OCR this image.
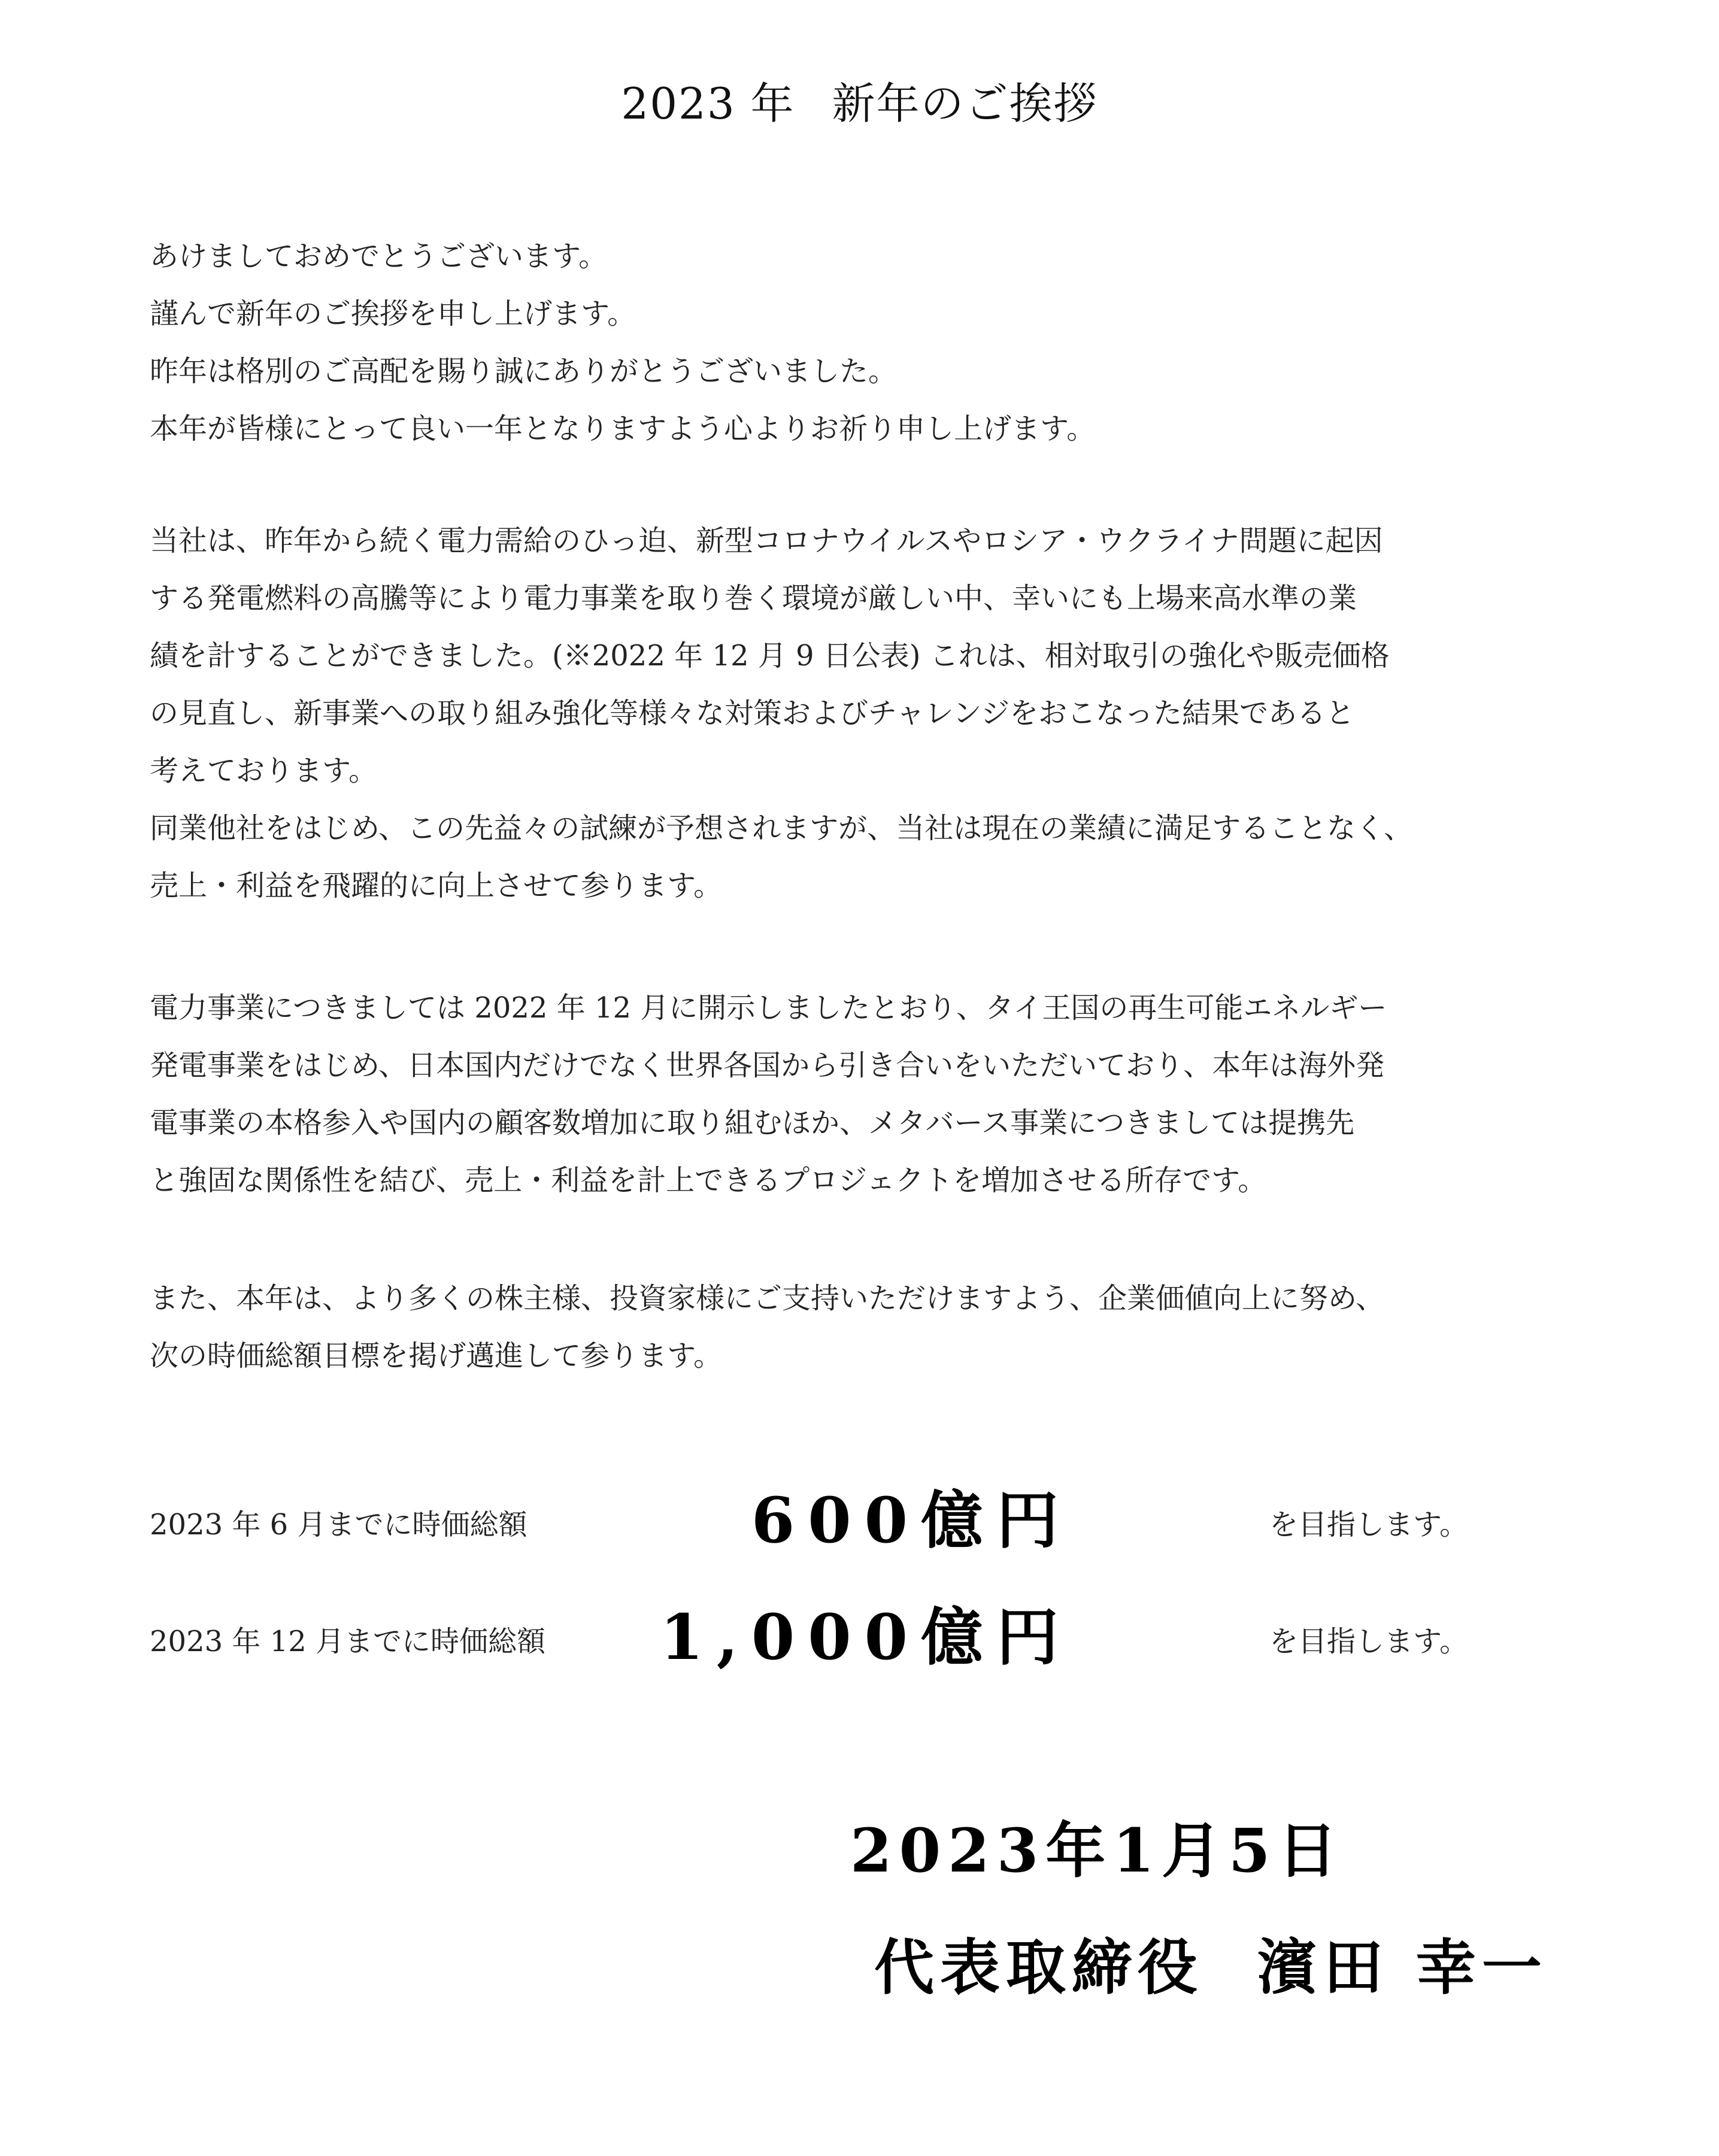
2023 年 新年のご挨拶
あけましておめでとうございます。
謹んで新年のご挨拶を申し上げます。
昨年は格別のご高配を賜り誠にありがとうございました。
本年が皆様にとって良い一年となりますよう心よりお祈り申し上げます。
当社は、昨年から続く電力需給のひっ迫、新型コロナウイルスやロシア・ウクライナ問題に起因
する発電燃料の高騰等により電力事業を取り巻く環境が厳しい中、幸いにも上場来高水準の業
績を計することができました。(※2022 年 12 月 9 日公表) これは、相対取引の強化や販売価格
の見直し、新事業への取り組み強化等様々な対策およびチャレンジをおこなった結果であると
考えております。
同業他社をはじめ、この先益々の試練が予想されますが、当社は現在の業績に満足することなく、
売上・利益を飛躍的に向上させて参ります。
電力事業につきましては 2022 年 12 月に開示しましたとおり、タイ王国の再生可能エネルギー
発電事業をはじめ、日本国内だけでなく世界各国から引き合いをいただいており、本年は海外発
電事業の本格参入や国内の顧客数増加に取り組むほか、メタバース事業につきましては提携先
と強固な関係性を結び、売上・利益を計上できるプロジェクトを増加させる所存です。
また、本年は、より多くの株主様、投資家様にご支持いただけますよう、企業価値向上に努め、
次の時価総額目標を掲げ邁進して参ります。
2023 年 6 月までに時価総額	600億円	を目指します。
2023 年 12 月までに時価総額 1,000億円	を目指します。
2023年1月5日
代表取締役 濱田 幸一
